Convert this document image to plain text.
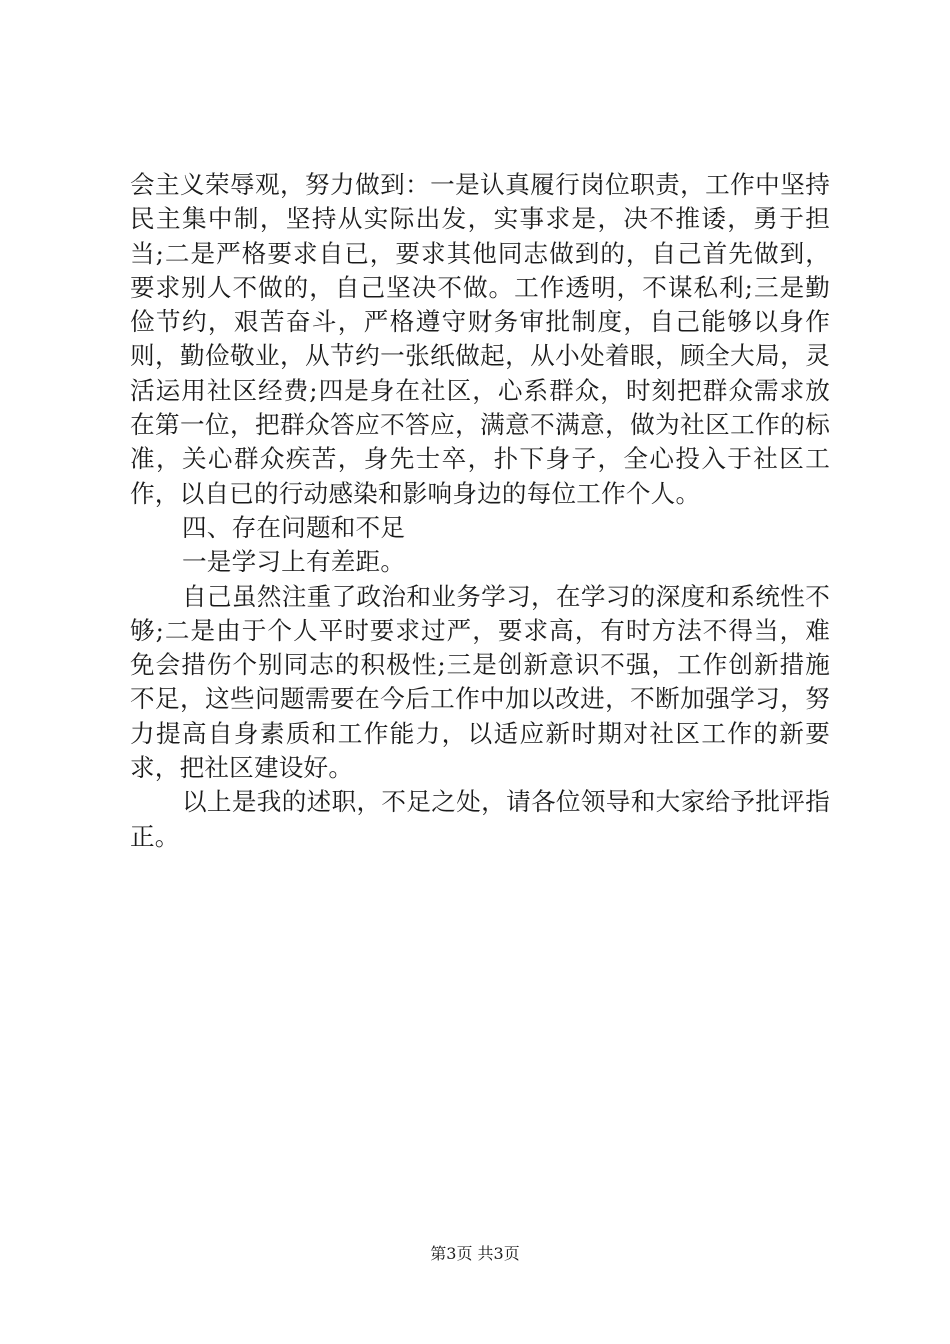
会主义荣辱观，努力做到：一是认真履行岗位职责，工作中坚持民主集中制，坚持从实际出发，实事求是，决不推诿，勇于担当;二是严格要求自已，要求其他同志做到的，自己首先做到，要求别人不做的，自己坚决不做。工作透明，不谋私利;三是勤俭节约，艰苦奋斗，严格遵守财务审批制度，自己能够以身作则，勤俭敬业，从节约一张纸做起，从小处着眼，顾全大局，灵活运用社区经费;四是身在社区，心系群众，时刻把群众需求放在第一位，把群众答应不答应，满意不满意，做为社区工作的标准，关心群众疾苦，身先士卒，扑下身子，全心投入于社区工作，以自已的行动感染和影响身边的每位工作个人。

四、存在问题和不足

一是学习上有差距。

自己虽然注重了政治和业务学习，在学习的深度和系统性不够;二是由于个人平时要求过严，要求高，有时方法不得当，难免会措伤个别同志的积极性;三是创新意识不强，工作创新措施不足，这些问题需要在今后工作中加以改进，不断加强学习，努力提高自身素质和工作能力，以适应新时期对社区工作的新要求，把社区建设好。

以上是我的述职，不足之处，请各位领导和大家给予批评指正。

第3页 共3页
